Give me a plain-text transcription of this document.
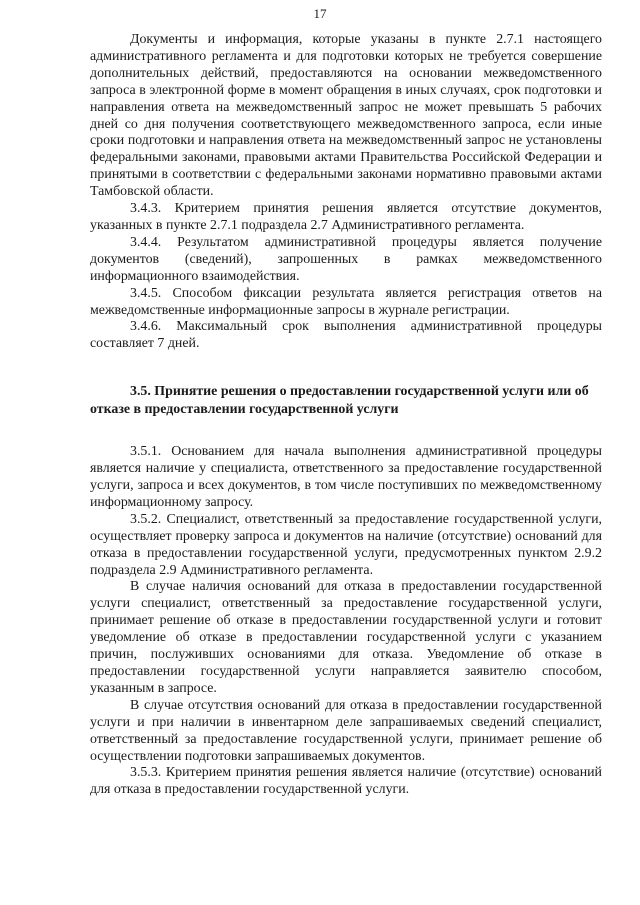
17

Документы и информация, которые указаны в пункте 2.7.1 настоящего административного регламента и для подготовки которых не требуется совершение дополнительных действий, предоставляются на основании межведомственного запроса в электронной форме в момент обращения в иных случаях, срок подготовки и направления ответа на межведомственный запрос не может превышать 5 рабочих дней со дня получения соответствующего межведомственного запроса, если иные сроки подготовки и направления ответа на межведомственный запрос не установлены федеральными законами, правовыми актами Правительства Российской Федерации и принятыми в соответствии с федеральными законами нормативно правовыми актами Тамбовской области.

3.4.3. Критерием принятия решения является отсутствие документов, указанных в пункте 2.7.1 подраздела 2.7 Административного регламента.

3.4.4. Результатом административной процедуры является получение документов (сведений), запрошенных в рамках межведомственного информационного взаимодействия.

3.4.5. Способом фиксации результата является регистрация ответов на межведомственные информационные запросы в журнале регистрации.

3.4.6. Максимальный срок выполнения административной процедуры составляет 7 дней.

3.5. Принятие решения о предоставлении государственной услуги или об отказе в предоставлении государственной услуги

3.5.1. Основанием для начала выполнения административной процедуры является наличие у специалиста, ответственного за предоставление государственной услуги, запроса и всех документов, в том числе поступивших по межведомственному информационному запросу.

3.5.2. Специалист, ответственный за предоставление государственной услуги, осуществляет проверку запроса и документов на наличие (отсутствие) оснований для отказа в предоставлении государственной услуги, предусмотренных пунктом 2.9.2 подраздела 2.9 Административного регламента.

В случае наличия оснований для отказа в предоставлении государственной услуги специалист, ответственный за предоставление государственной услуги, принимает решение об отказе в предоставлении государственной услуги и готовит уведомление об отказе в предоставлении государственной услуги с указанием причин, послуживших основаниями для отказа. Уведомление об отказе в предоставлении государственной услуги направляется заявителю способом, указанным в запросе.

В случае отсутствия оснований для отказа в предоставлении государственной услуги и при наличии в инвентарном деле запрашиваемых сведений специалист, ответственный за предоставление государственной услуги, принимает решение об осуществлении подготовки запрашиваемых документов.

3.5.3. Критерием принятия решения является наличие (отсутствие) оснований для отказа в предоставлении государственной услуги.
